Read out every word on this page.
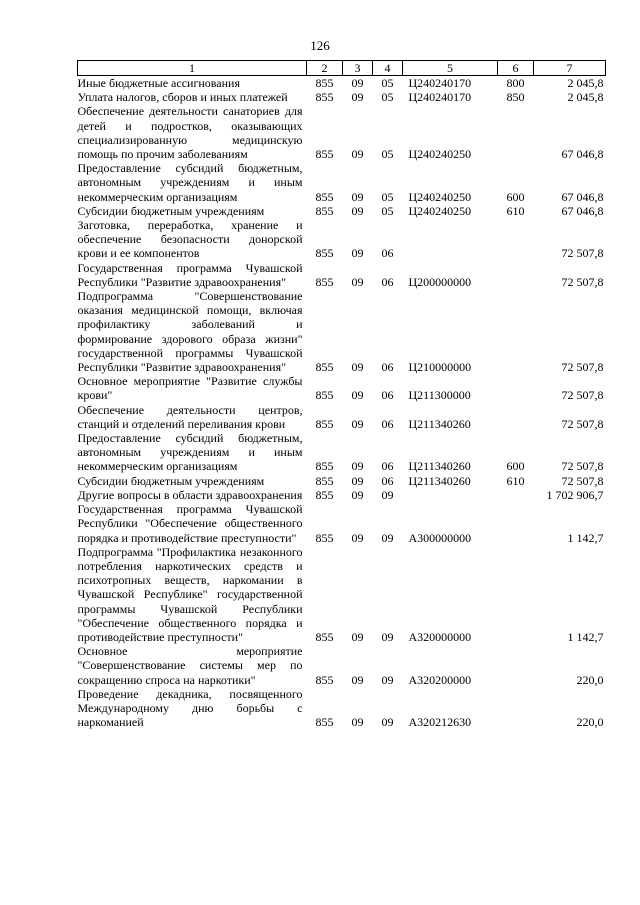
126
1	2	3	4	5	6	7
Иные бюджетные ассигнования	855	09	05	Ц240240170	800	2 045,8
Уплата налогов, сборов и иных платежей	855	09	05	Ц240240170	850	2 045,8
Обеспечение деятельности санаториев для детей и подростков, оказывающих специализированную медицинскую помощь по прочим заболеваниям	855	09	05	Ц240240250		67 046,8
Предоставление субсидий бюджетным, автономным учреждениям и иным некоммерческим организациям	855	09	05	Ц240240250	600	67 046,8
Субсидии бюджетным учреждениям	855	09	05	Ц240240250	610	67 046,8
Заготовка, переработка, хранение и обеспечение безопасности донорской крови и ее компонентов	855	09	06			72 507,8
Государственная программа Чувашской Республики "Развитие здравоохранения"	855	09	06	Ц200000000		72 507,8
Подпрограмма "Совершенствование оказания медицинской помощи, включая профилактику заболеваний и формирование здорового образа жизни" государственной программы Чувашской Республики "Развитие здравоохранения"	855	09	06	Ц210000000		72 507,8
Основное мероприятие "Развитие службы крови"	855	09	06	Ц211300000		72 507,8
Обеспечение деятельности центров, станций и отделений переливания крови	855	09	06	Ц211340260		72 507,8
Предоставление субсидий бюджетным, автономным учреждениям и иным некоммерческим организациям	855	09	06	Ц211340260	600	72 507,8
Субсидии бюджетным учреждениям	855	09	06	Ц211340260	610	72 507,8
Другие вопросы в области здравоохранения	855	09	09			1 702 906,7
Государственная программа Чувашской Республики "Обеспечение общественного порядка и противодействие преступности"	855	09	09	А300000000		1 142,7
Подпрограмма "Профилактика незаконного потребления наркотических средств и психотропных веществ, наркомании в Чувашской Республике" государственной программы Чувашской Республики "Обеспечение общественного порядка и противодействие преступности"	855	09	09	А320000000		1 142,7
Основное мероприятие "Совершенствование системы мер по сокращению спроса на наркотики"	855	09	09	А320200000		220,0
Проведение декадника, посвященного Международному дню борьбы с наркоманией	855	09	09	А320212630		220,0
